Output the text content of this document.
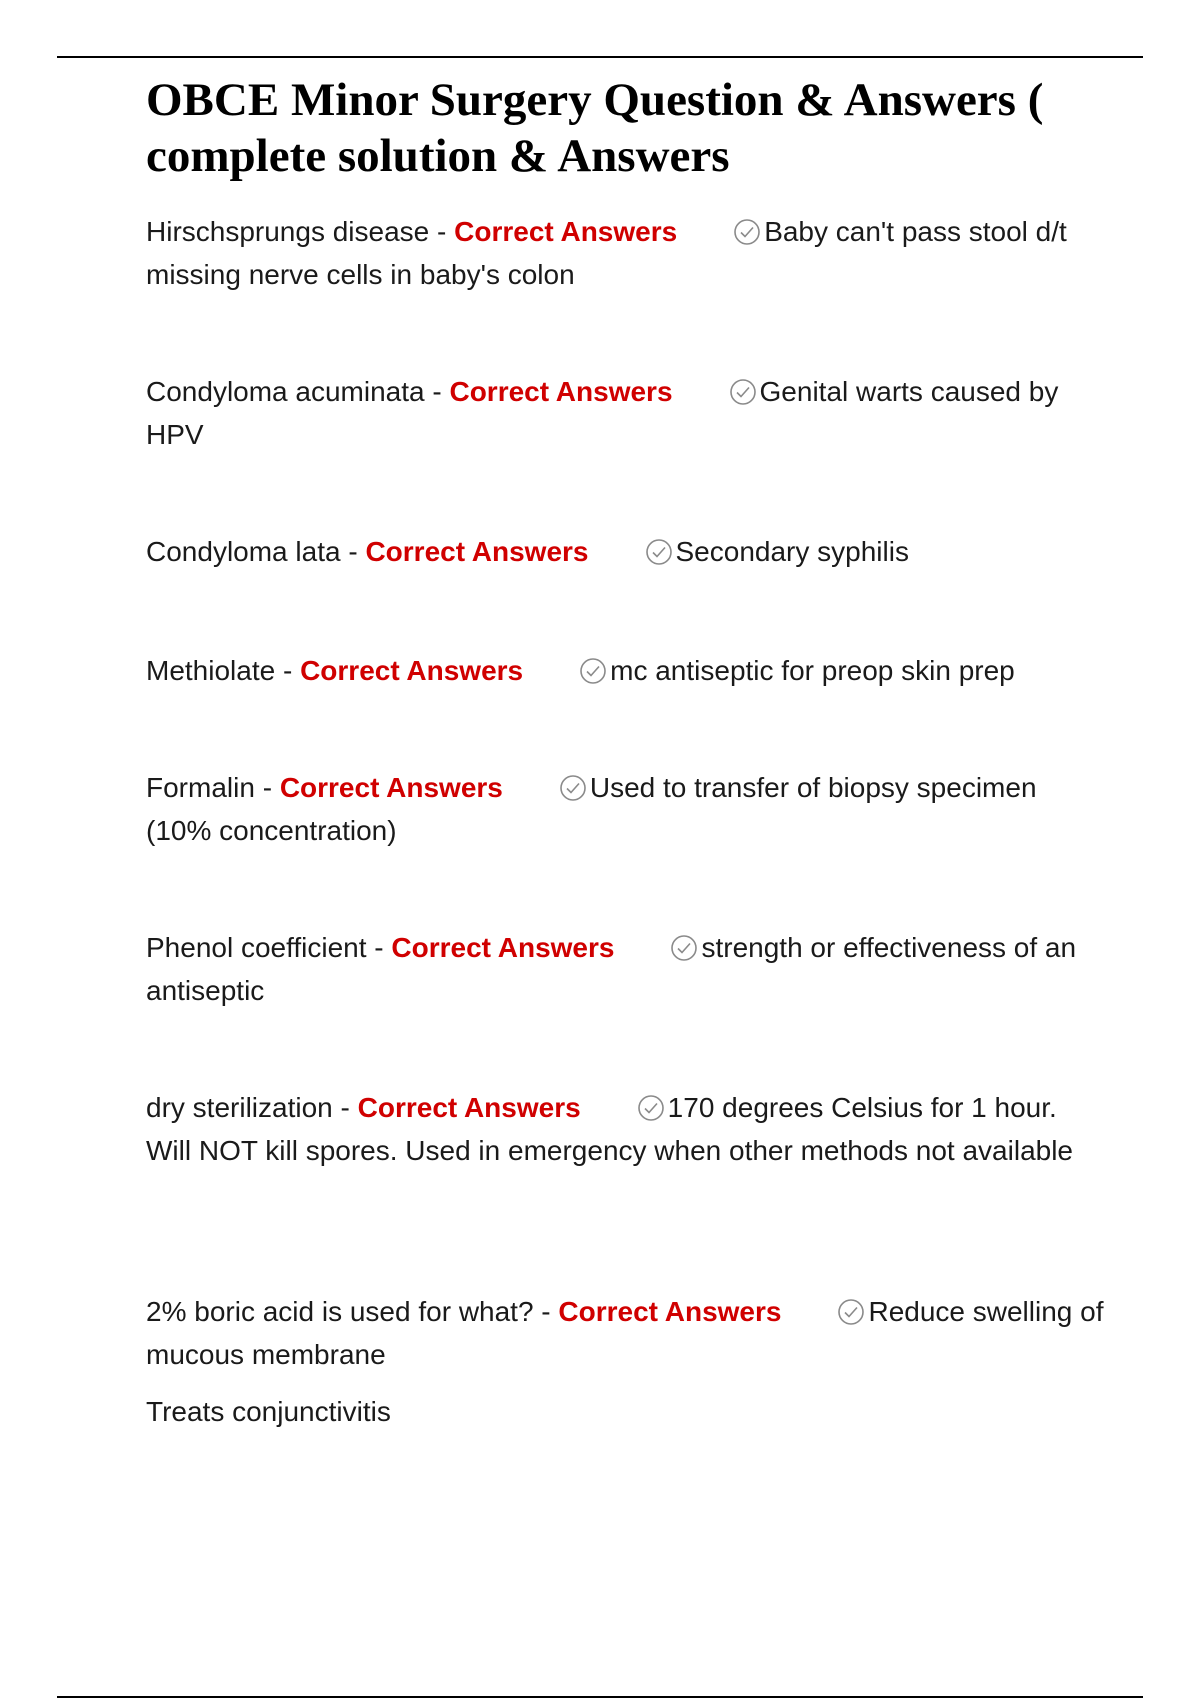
OBCE Minor Surgery Question & Answers ( complete solution & Answers
Hirschsprungs disease - Correct Answers	Baby can't pass stool d/t missing nerve cells in baby's colon
Condyloma acuminata - Correct Answers	Genital warts caused by HPV
Condyloma lata - Correct Answers	Secondary syphilis
Methiolate - Correct Answers	mc antiseptic for preop skin prep
Formalin - Correct Answers	Used to transfer of biopsy specimen (10% concentration)
Phenol coefficient - Correct Answers	strength or effectiveness of an antiseptic
dry sterilization - Correct Answers	170 degrees Celsius for 1 hour. Will NOT kill spores. Used in emergency when other methods not available
2% boric acid is used for what? - Correct Answers	Reduce swelling of mucous membrane
Treats conjunctivitis
